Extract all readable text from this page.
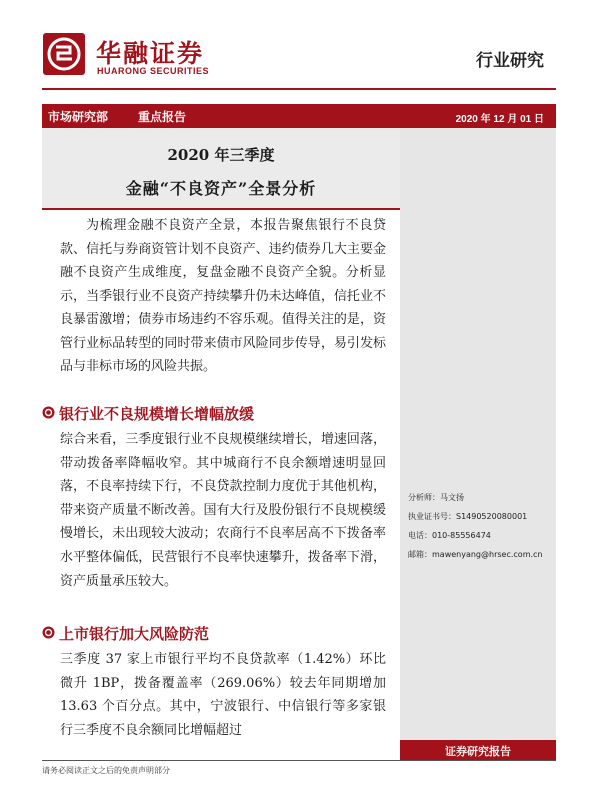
华融证券
HUARONG SECURITIES	行业研究
市场研究部 重点报告	2020 年 12 月 01 日
2020 年三季度
金融“不良资产”全景分析
为梳理金融不良资产全景，本报告聚焦银行不良贷款、信托与券商资管计划不良资产、违约债券几大主要金融不良资产生成维度，复盘金融不良资产全貌。分析显示，当季银行业不良资产持续攀升仍未达峰值，信托业不良暴雷激增；债券市场违约不容乐观。值得关注的是，资管行业标品转型的同时带来债市风险同步传导，易引发标品与非标市场的风险共振。
银行业不良规模增长增幅放缓
综合来看，三季度银行业不良规模继续增长，增速回落，带动拨备率降幅收窄。其中城商行不良余额增速明显回落，不良率持续下行，不良贷款控制力度优于其他机构，带来资产质量不断改善。国有大行及股份银行不良规模缓慢增长，未出现较大波动；农商行不良率居高不下拨备率水平整体偏低，民营银行不良率快速攀升，拨备率下滑，资产质量承压较大。
上市银行加大风险防范
三季度 37 家上市银行平均不良贷款率（1.42%）环比微升 1BP，拨备覆盖率（269.06%）较去年同期增加 13.63 个百分点。其中，宁波银行、中信银行等多家银行三季度不良余额同比增幅超过
分析师：马文扬
执业证书号：S1490520080001
电话：010-85556474
邮箱：mawenyang@hrsec.com.cn
证券研究报告
请务必阅读正文之后的免责声明部分
